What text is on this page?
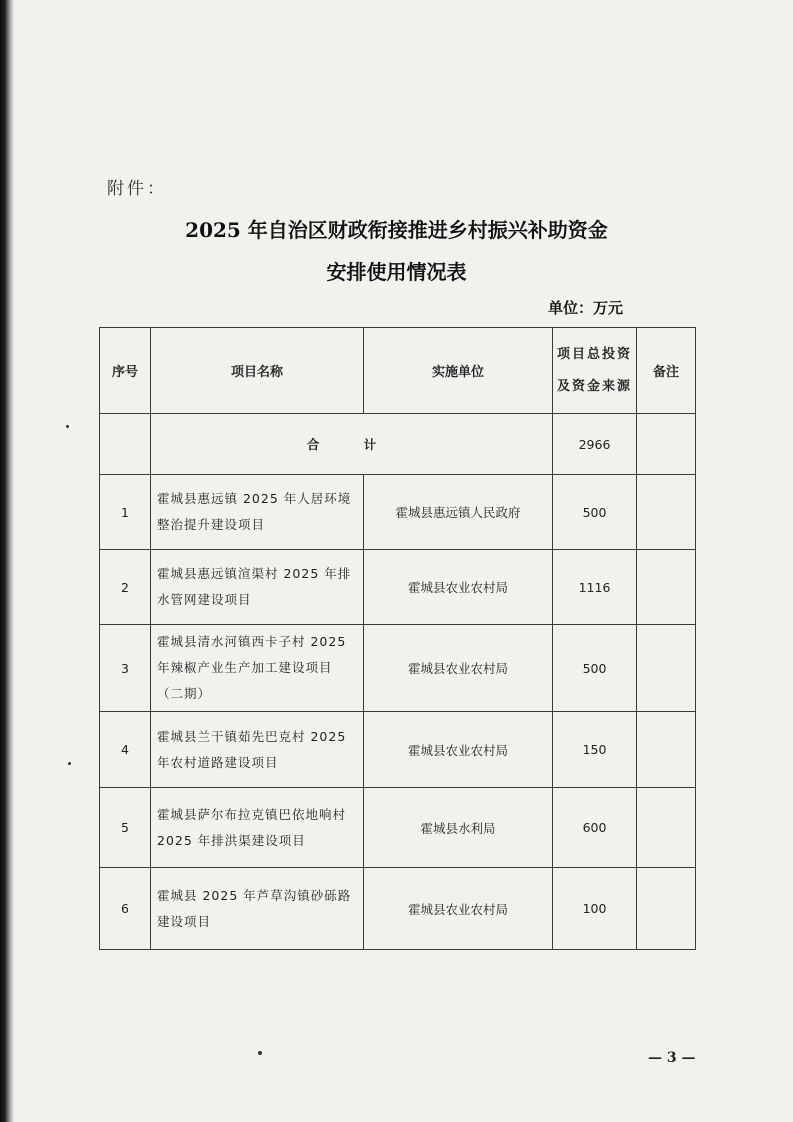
附件：
2025 年自治区财政衔接推进乡村振兴补助资金
安排使用情况表
单位：万元
序号	项目名称	实施单位	项目总投资及资金来源	备注
	合 计		2966	
1	霍城县惠远镇 2025 年人居环境整治提升建设项目	霍城县惠远镇人民政府	500	
2	霍城县惠远镇渲渠村 2025 年排水管网建设项目	霍城县农业农村局	1116	
3	霍城县清水河镇西卡子村 2025 年辣椒产业生产加工建设项目（二期）	霍城县农业农村局	500	
4	霍城县兰干镇茹先巴克村 2025 年农村道路建设项目	霍城县农业农村局	150	
5	霍城县萨尔布拉克镇巴依地响村 2025 年排洪渠建设项目	霍城县水利局	600	
6	霍城县 2025 年芦草沟镇砂砾路建设项目	霍城县农业农村局	100	
— 3 —
